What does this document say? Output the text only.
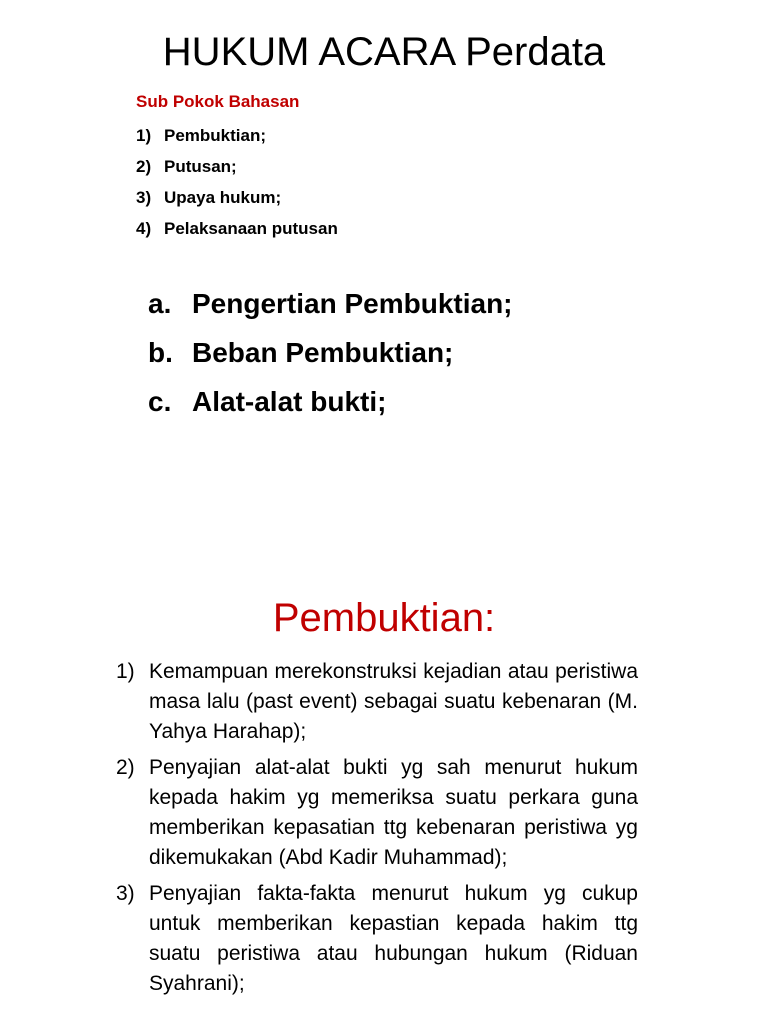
HUKUM ACARA Perdata
Sub Pokok Bahasan
1) Pembuktian;
2) Putusan;
3) Upaya hukum;
4) Pelaksanaan putusan
a. Pengertian Pembuktian;
b. Beban Pembuktian;
c. Alat-alat bukti;
Pembuktian:
1) Kemampuan merekonstruksi kejadian atau peristiwa masa lalu (past event) sebagai suatu kebenaran (M. Yahya Harahap);
2) Penyajian alat-alat bukti yg sah menurut hukum kepada hakim yg memeriksa suatu perkara guna memberikan kepasatian ttg kebenaran peristiwa yg dikemukakan (Abd Kadir Muhammad);
3) Penyajian fakta-fakta menurut hukum yg cukup untuk memberikan kepastian kepada hakim ttg suatu peristiwa atau hubungan hukum (Riduan Syahrani);
